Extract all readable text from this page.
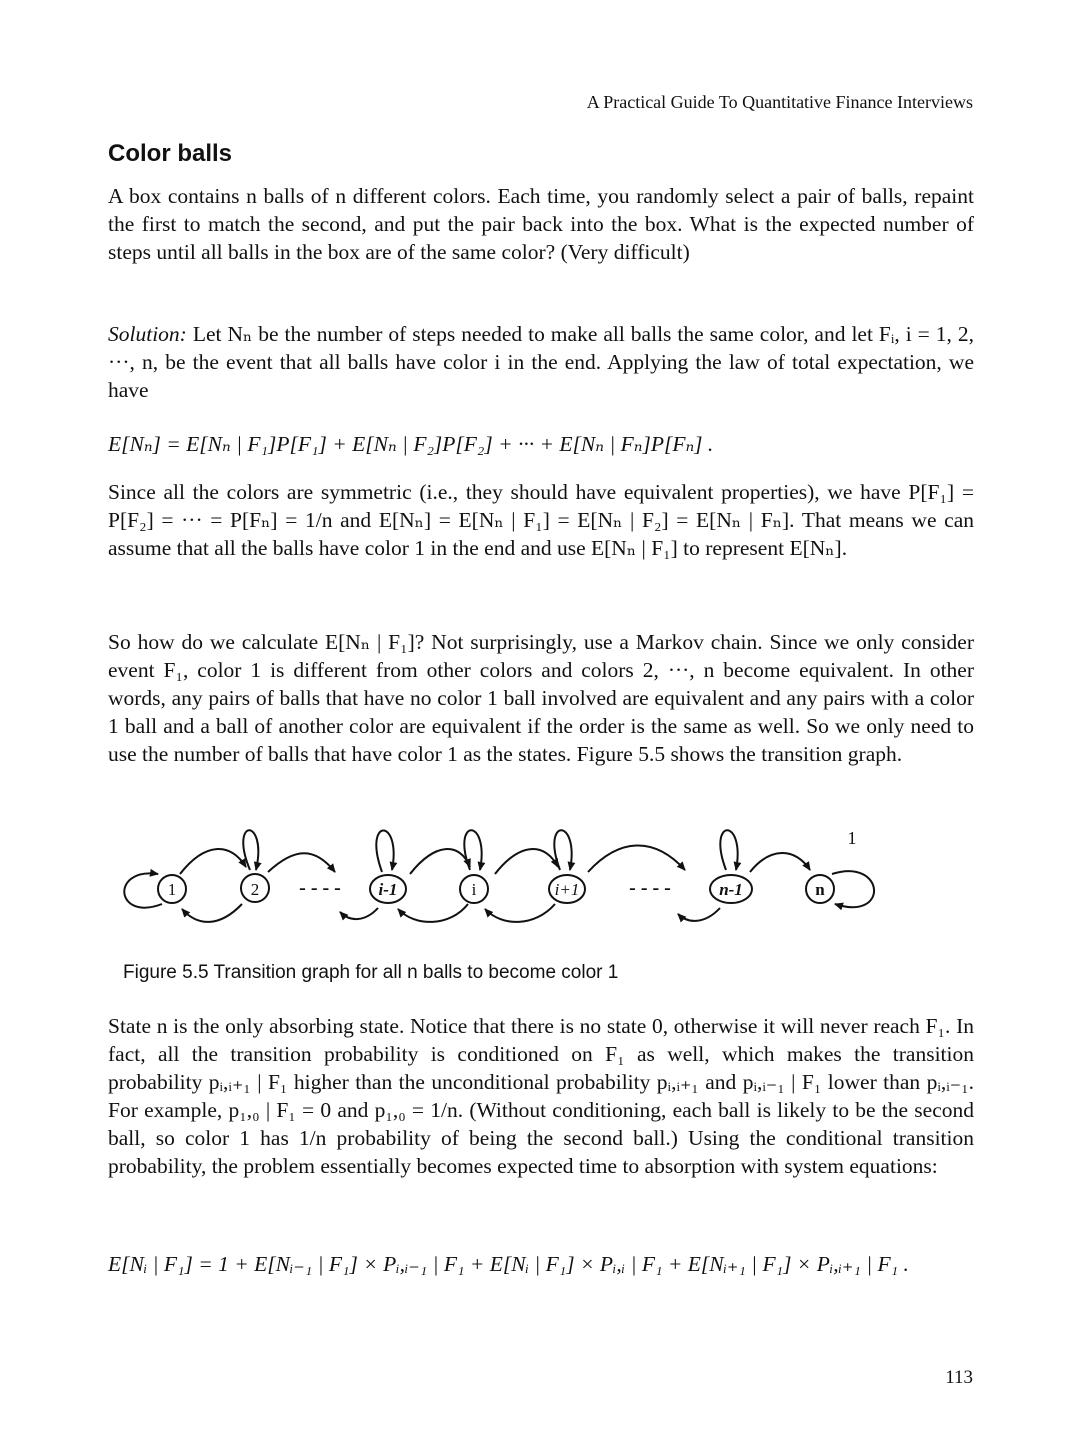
A Practical Guide To Quantitative Finance Interviews
Color balls

A box contains n balls of n different colors. Each time, you randomly select a pair of balls, repaint the first to match the second, and put the pair back into the box. What is the expected number of steps until all balls in the box are of the same color? (Very difficult)

Solution: Let Nₙ be the number of steps needed to make all balls the same color, and let Fᵢ, i = 1, 2, ···, n, be the event that all balls have color i in the end. Applying the law of total expectation, we have

E[Nₙ] = E[Nₙ | F₁]P[F₁] + E[Nₙ | F₂]P[F₂] + ··· + E[Nₙ | Fₙ]P[Fₙ] .
Since all the colors are symmetric (i.e., they should have equivalent properties), we have P[F₁] = P[F₂] = ··· = P[Fₙ] = 1/n and E[Nₙ] = E[Nₙ | F₁] = E[Nₙ | F₂] = E[Nₙ | Fₙ]. That means we can assume that all the balls have color 1 in the end and use E[Nₙ | F₁] to represent E[Nₙ].
So how do we calculate E[Nₙ | F₁]? Not surprisingly, use a Markov chain. Since we only consider event F₁, color 1 is different from other colors and colors 2, ···, n become equivalent. In other words, any pairs of balls that have no color 1 ball involved are equivalent and any pairs with a color 1 ball and a ball of another color are equivalent if the order is the same as well. So we only need to use the number of balls that have color 1 as the states. Figure 5.5 shows the transition graph.
1	2	i-1	i	i+1	n-1	n
- - - -	- - - -
1
Figure 5.5 Transition graph for all n balls to become color 1
State n is the only absorbing state. Notice that there is no state 0, otherwise it will never reach F₁. In fact, all the transition probability is conditioned on F₁ as well, which makes the transition probability pᵢ,ᵢ₊₁ | F₁ higher than the unconditional probability pᵢ,ᵢ₊₁ and pᵢ,ᵢ₋₁ | F₁ lower than pᵢ,ᵢ₋₁. For example, p₁,₀ | F₁ = 0 and p₁,₀ = 1/n. (Without conditioning, each ball is likely to be the second ball, so color 1 has 1/n probability of being the second ball.) Using the conditional transition probability, the problem essentially becomes expected time to absorption with system equations:
E[Nᵢ | F₁] = 1 + E[Nᵢ₋₁ | F₁] × Pᵢ,ᵢ₋₁ | F₁ + E[Nᵢ | F₁] × Pᵢ,ᵢ | F₁ + E[Nᵢ₊₁ | F₁] × Pᵢ,ᵢ₊₁ | F₁ .
113
